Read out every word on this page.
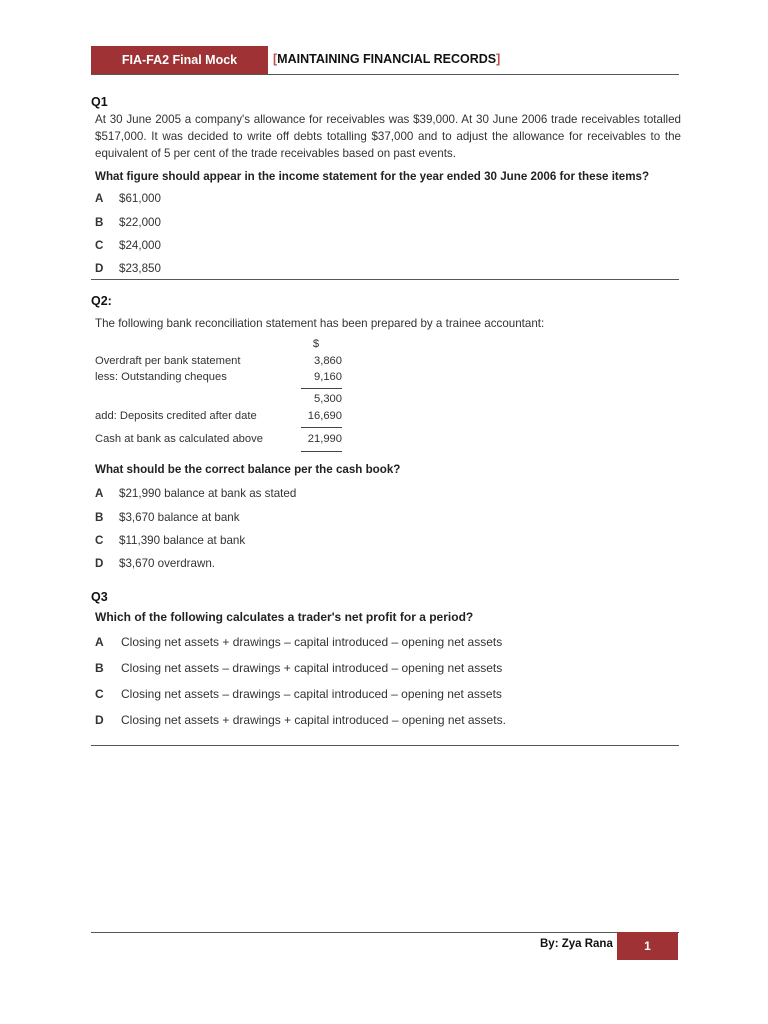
FIA-FA2 Final Mock	[MAINTAINING FINANCIAL RECORDS]
Q1
At 30 June 2005 a company's allowance for receivables was $39,000. At 30 June 2006 trade receivables totalled
$517,000. It was decided to write off debts totalling $37,000 and to adjust the allowance for receivables to the
equivalent of 5 per cent of the trade receivables based on past events.
What figure should appear in the income statement for the year ended 30 June 2006 for these items?
A	$61,000
B	$22,000
C	$24,000
D	$23,850
Q2:
The following bank reconciliation statement has been prepared by a trainee accountant:
$
Overdraft per bank statement	3,860
less: Outstanding cheques	9,160
5,300
add: Deposits credited after date	16,690
Cash at bank as calculated above	21,990
What should be the correct balance per the cash book?
A	$21,990 balance at bank as stated
B	$3,670 balance at bank
C	$11,390 balance at bank
D	$3,670 overdrawn.
Q3
Which of the following calculates a trader's net profit for a period?
A	Closing net assets + drawings – capital introduced – opening net assets
B	Closing net assets – drawings + capital introduced – opening net assets
C	Closing net assets – drawings – capital introduced – opening net assets
D	Closing net assets + drawings + capital introduced – opening net assets.
By: Zya Rana	1
